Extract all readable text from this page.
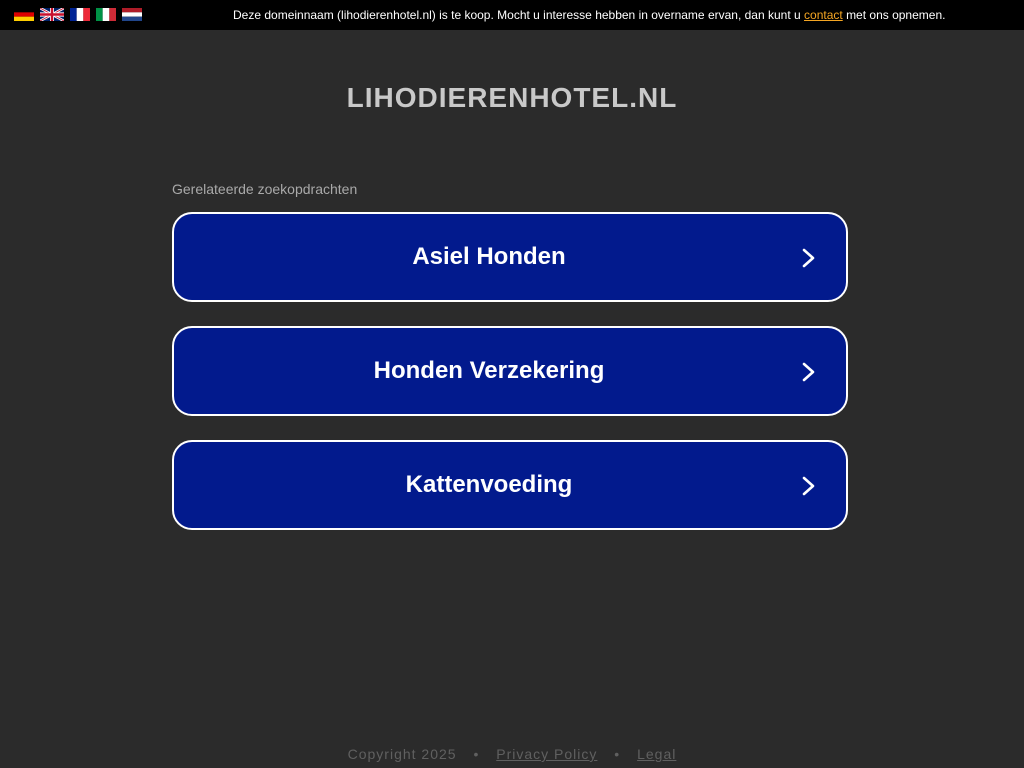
Deze domeinnaam (lihodierenhotel.nl) is te koop. Mocht u interesse hebben in overname ervan, dan kunt u contact met ons opnemen.
LIHODIERENHOTEL.NL
Gerelateerde zoekopdrachten
Asiel Honden
Honden Verzekering
Kattenvoeding
Copyright 2025 • Privacy Policy • Legal
